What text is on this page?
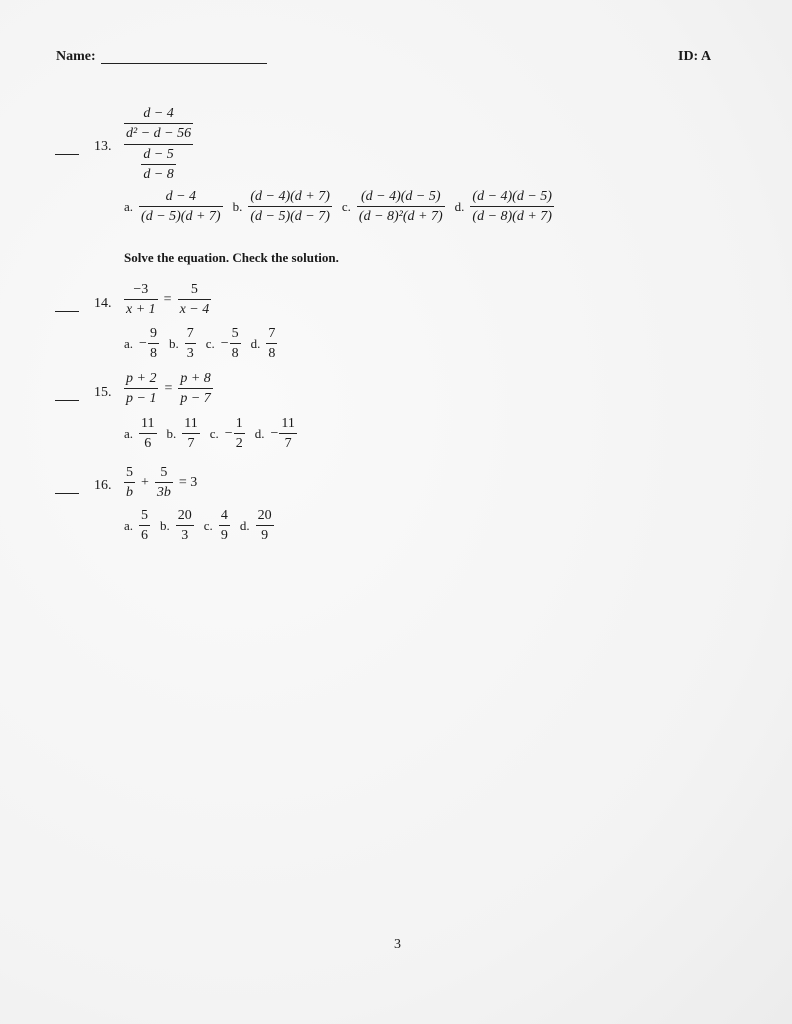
Name:	ID: A
13.
$\frac{d - 4}{\text{d² − d − 56}}$
$\frac{d - 5}{d - 8}$
a. $\frac{d - 4}{(d - 5)(d + 7)} b$. $\frac{(d - 4)(d + 7)}{(d - 5)(d - 7)} c$. $\frac{(d - 4)(d - 5)}{\text{(d − 8)²(d + 7)}} d$. $\frac{(d - 4)(d - 5)}{(d - 8)(d + 7)}$
Solve the equation. Check the solution.
14. $\frac{-3}{x + 1} = \frac{5}{x - 4}$
a. − $\frac{9}{8} b$. $\frac{7}{3} c$. − $\frac{5}{8} d$. $\frac{7}{8}$
15. $\frac{p + 2}{p - 1} = \frac{p + 8}{p - 7}$
a. $\frac{11}{6} b$. $\frac{11}{7} c$. − $\frac{1}{2} d$. − $\frac{11}{7}$
16. $\frac{5}{b} + \frac{5}{3b} = 3$
a. $\frac{5}{6} b$. $\frac{20}{3} c$. $\frac{4}{9} d$. $\frac{20}{9}$
3
